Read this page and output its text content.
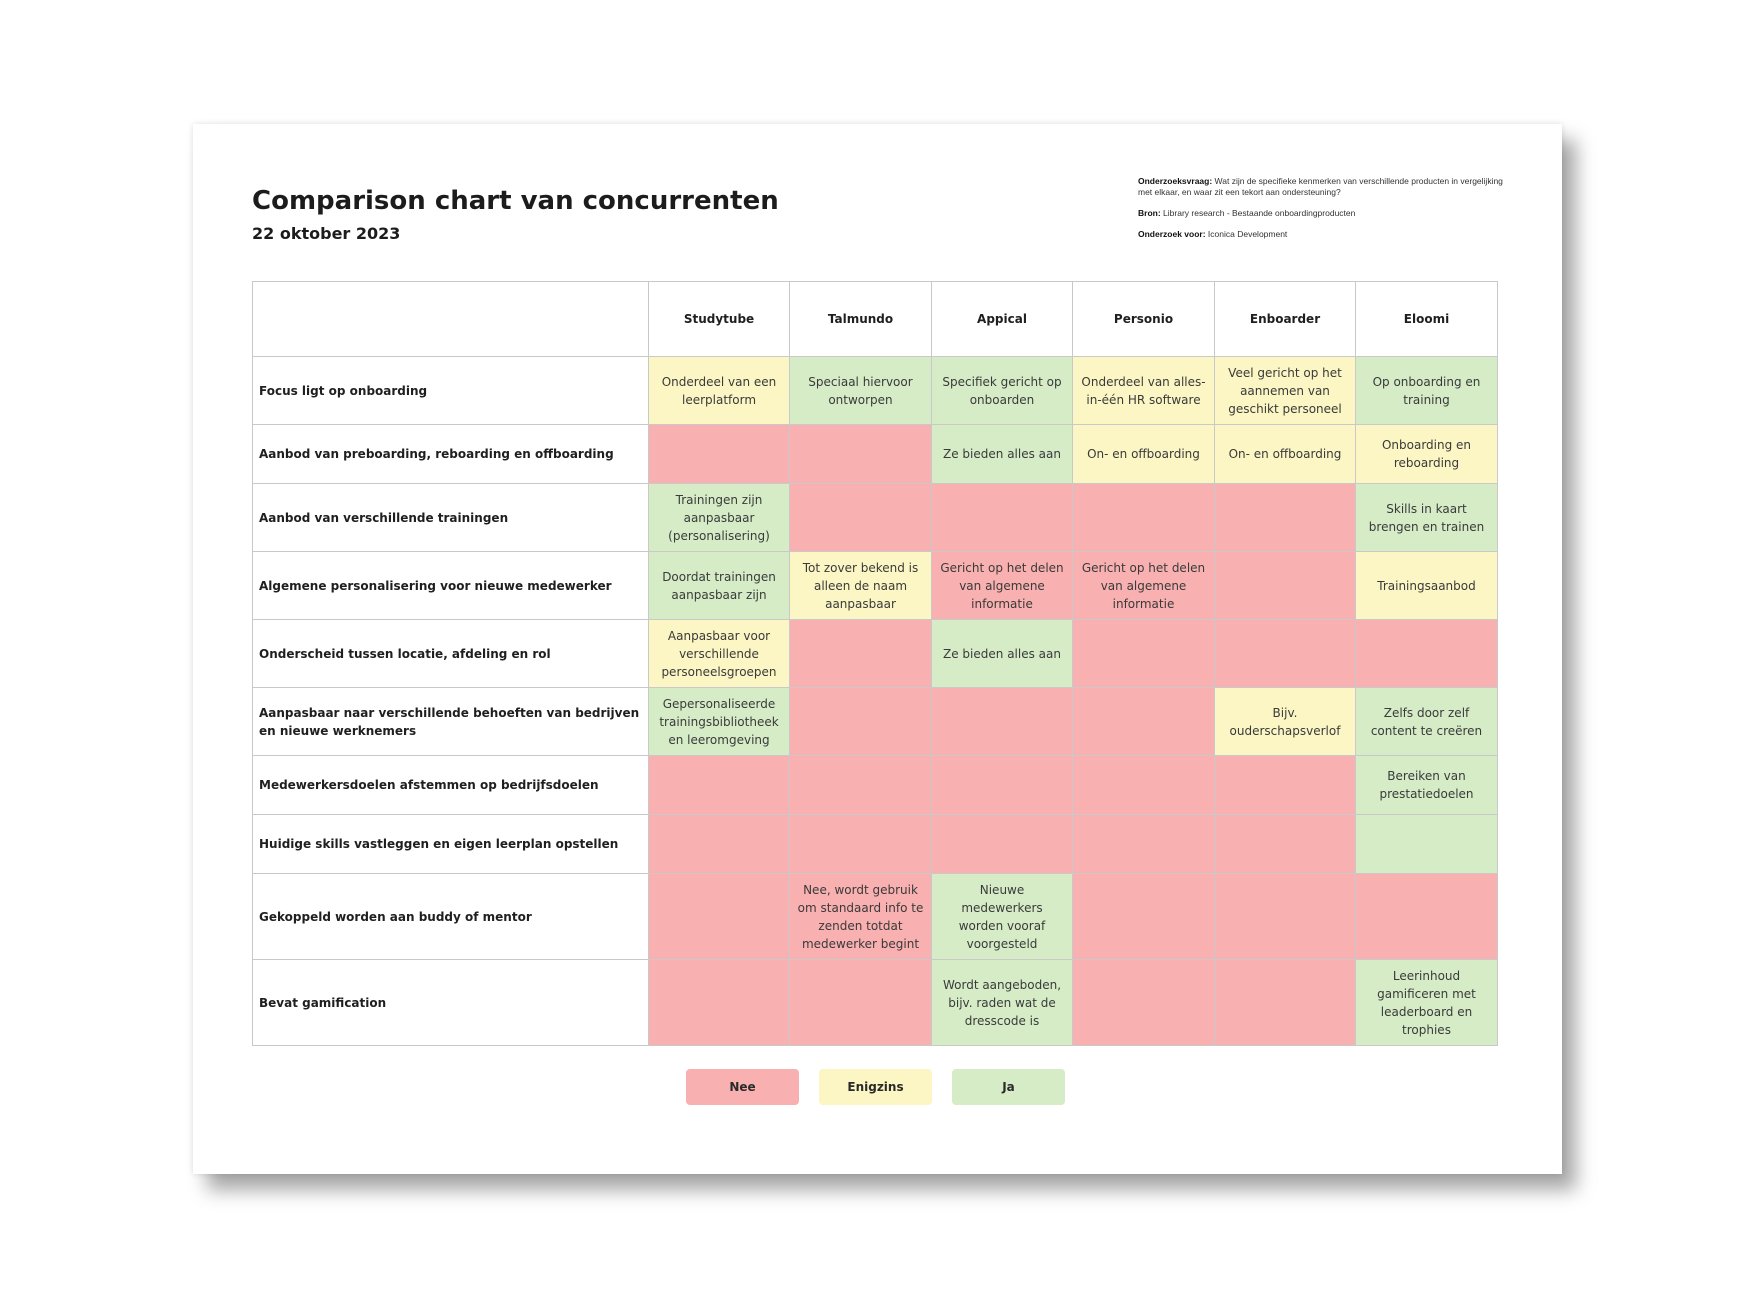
Comparison chart van concurrenten
22 oktober 2023

Onderzoeksvraag: Wat zijn de specifieke kenmerken van verschillende producten in vergelijking met elkaar, en waar zit een tekort aan ondersteuning?

Bron: Library research - Bestaande onboardingproducten

Onderzoek voor: Iconica Development

	Studytube	Talmundo	Appical	Personio	Enboarder	Eloomi
Focus ligt op onboarding	Onderdeel van een leerplatform	Speciaal hiervoor ontworpen	Specifiek gericht op onboarden	Onderdeel van alles-in-één HR software	Veel gericht op het aannemen van geschikt personeel	Op onboarding en training
Aanbod van preboarding, reboarding en offboarding			Ze bieden alles aan	On- en offboarding	On- en offboarding	Onboarding en reboarding
Aanbod van verschillende trainingen	Trainingen zijn aanpasbaar (personalisering)					Skills in kaart brengen en trainen
Algemene personalisering voor nieuwe medewerker	Doordat trainingen aanpasbaar zijn	Tot zover bekend is alleen de naam aanpasbaar	Gericht op het delen van algemene informatie	Gericht op het delen van algemene informatie		Trainingsaanbod
Onderscheid tussen locatie, afdeling en rol	Aanpasbaar voor verschillende personeelsgroepen		Ze bieden alles aan			
Aanpasbaar naar verschillende behoeften van bedrijven en nieuwe werknemers	Gepersonaliseerde trainingsbibliotheek en leeromgeving				Bijv. ouderschapsverlof	Zelfs door zelf content te creëren
Medewerkersdoelen afstemmen op bedrijfsdoelen						Bereiken van prestatiedoelen
Huidige skills vastleggen en eigen leerplan opstellen						
Gekoppeld worden aan buddy of mentor		Nee, wordt gebruik om standaard info te zenden totdat medewerker begint	Nieuwe medewerkers worden vooraf voorgesteld			
Bevat gamification			Wordt aangeboden, bijv. raden wat de dresscode is			Leerinhoud gamificeren met leaderboard en trophies
Nee	Enigzins	Ja
